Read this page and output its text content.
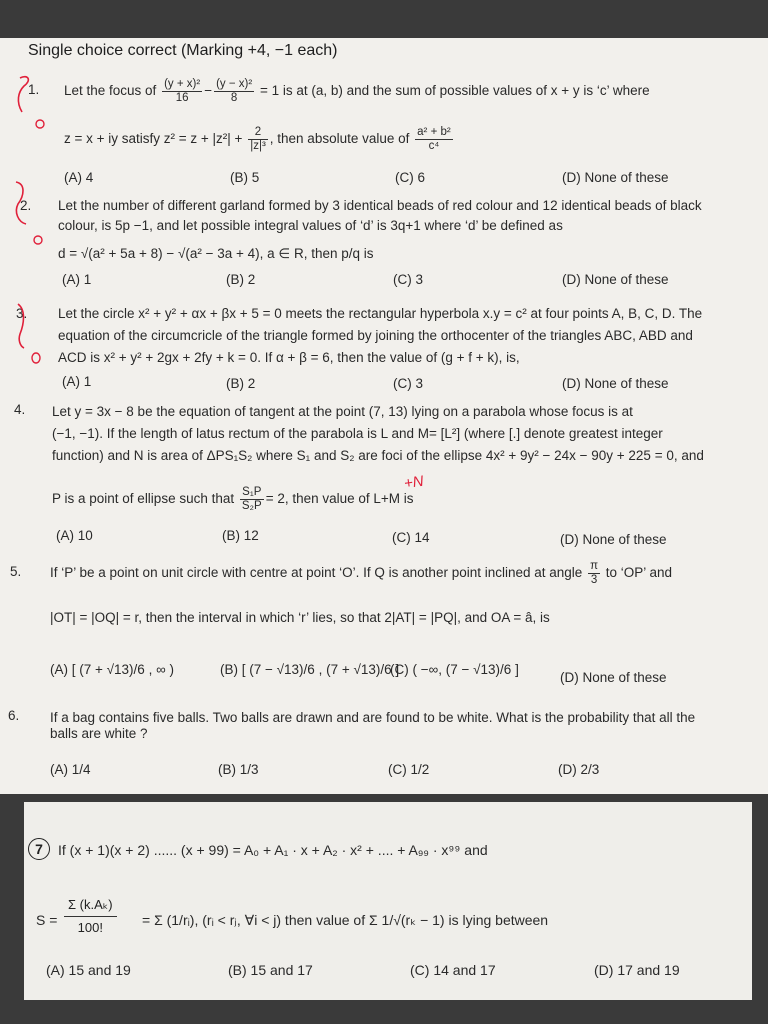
Single choice correct (Marking +4, −1 each)
1. Let the focus of $\frac{\text{(y + x)²}}{16} - \frac{\text{(y − x)²}}{8} = 1$ is at (a, b) and the sum of possible values of x + y is ‘c’ where
z = x + iy satisfy $z^2 = z + |z^2| + \frac{2}{\text{|z|³}}$ , then absolute value of $\frac{\text{a² + b²}}{\text{c⁴}}$
(A) 4	(B) 5	(C) 6	(D) None of these
2. Let the number of different garland formed by 3 identical beads of red colour and 12 identical beads of black
colour, is 5p −1, and let possible integral values of ‘d’ is 3q+1 where ‘d’ be defined as
d = √(a² + 5a + 8) − √(a² − 3a + 4), a ∈ R, then p/q is
(A) 1	(B) 2	(C) 3	(D) None of these
3. Let the circle x² + y² + αx + βx + 5 = 0 meets the rectangular hyperbola x.y = c² at four points A, B, C, D. The
equation of the circumcricle of the triangle formed by joining the orthocenter of the triangles ABC, ABD and
ACD is x² + y² + 2gx + 2fy + k = 0. If α + β = 6, then the value of (g + f + k), is,
(A) 1	(B) 2	(C) 3	(D) None of these
4. Let y = 3x − 8 be the equation of tangent at the point (7, 13) lying on a parabola whose focus is at
(−1, −1). If the length of latus rectum of the parabola is L and M= [L²] (where [.] denote greatest integer
function) and N is area of ΔPS₁S₂ where S₁ and S₂ are foci of the ellipse 4x² + 9y² − 24x − 90y + 225 = 0, and
P is a point of ellipse such that $\frac{\text{S₁P}}{\text{S₂P}} = 2$, then value of L+M is
+N
(A) 10	(B) 12	(C) 14	(D) None of these
5. If ‘P’ be a point on unit circle with centre at point ‘O’. If Q is another point inclined at angle $\frac{\pi}{3}$ to ‘OP’ and
|OT| = |OQ| = r, then the interval in which ‘r’ lies, so that 2|AT| = |PQ|, and OA = â, is
(A) [ (7 + √13)/6 , ∞ )	(B) [ (7 − √13)/6 , (7 + √13)/6 ]
(C) ( −∞, (7 − √13)/6 ]
(D) None of these
6. If a bag contains five balls. Two balls are drawn and are found to be white. What is the probability that all the
balls are white ?
(A) 1/4	(B) 1/3	(C) 1/2	(D) 2/3
7	If (x + 1)(x + 2) ...... (x + 99) = A₀ + A₁ · x + A₂ · x² + .... + A₉₉ · x⁹⁹ and
S =
Σ (k.Aₖ)
100!	= Σ (1/rᵢ), (rᵢ < rⱼ, ∀i < j) then value of Σ 1/√(rₖ − 1) is lying between
(A) 15 and 19	(B) 15 and 17	(C) 14 and 17	(D) 17 and 19
